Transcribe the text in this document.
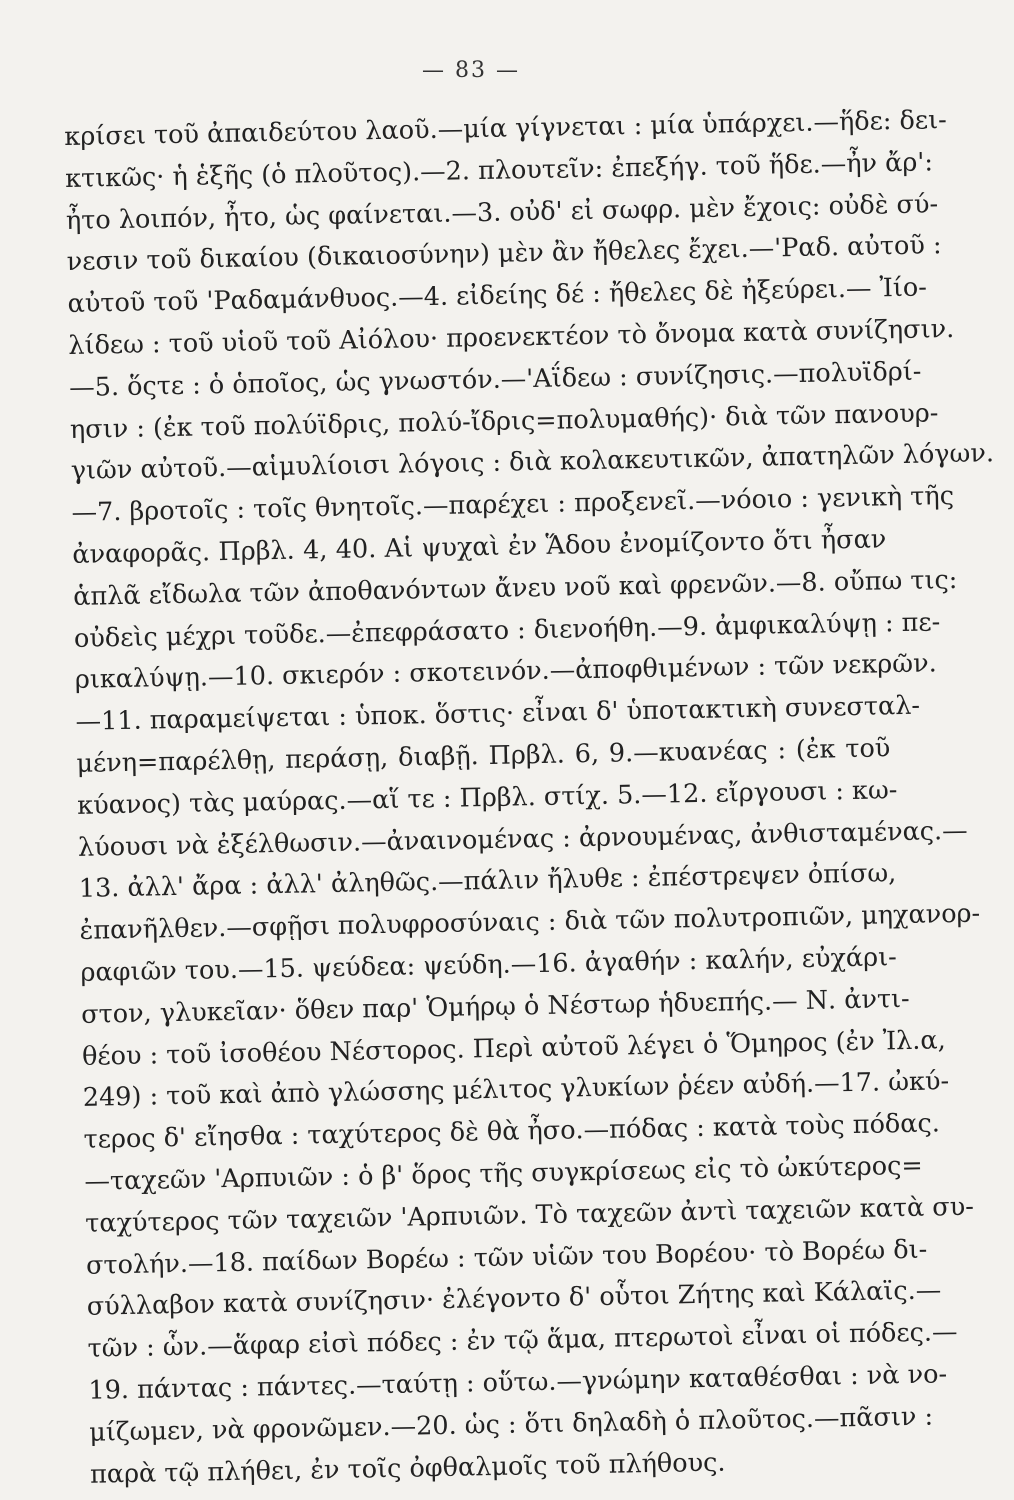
— 83 —
κρίσει τοῦ ἀπαιδεύτου λαοῦ.—μία γίγνεται : μία ὑπάρχει.—ἥδε: δει-
κτικῶς· ἡ ἑξῆς (ὁ πλοῦτος).—2. πλουτεῖν: ἐπεξήγ. τοῦ ἥδε.—ἦν ἄρ':
ἦτο λοιπόν, ἦτο, ὡς φαίνεται.—3. οὐδ' εἰ σωφρ. μὲν ἔχοις: οὐδὲ σύ-
νεσιν τοῦ δικαίου (δικαιοσύνην) μὲν ἂν ἤθελες ἔχει.—'Ραδ. αὐτοῦ :
αὐτοῦ τοῦ 'Ραδαμάνθυος.—4. εἰδείης δέ : ἤθελες δὲ ἠξεύρει.— Ἰίο-
λίδεω : τοῦ υἱοῦ τοῦ Αἰόλου· προενεκτέον τὸ ὄνομα κατὰ συνίζησιν.
—5. ὅςτε : ὁ ὁποῖος, ὡς γνωστόν.—'Αΐδεω : συνίζησις.—πολυϊδρί-
ησιν : (ἐκ τοῦ πολύϊδρις, πολύ-ἴδρις=πολυμαθής)· διὰ τῶν πανουρ-
γιῶν αὐτοῦ.—αἱμυλίοισι λόγοις : διὰ κολακευτικῶν, ἀπατηλῶν λόγων.
—7. βροτοῖς : τοῖς θνητοῖς.—παρέχει : προξενεῖ.—νόοιο : γενικὴ τῆς
ἀναφορᾶς. Πρβλ. 4, 40. Αἱ ψυχαὶ ἐν Ἅδου ἐνομίζοντο ὅτι ἦσαν
ἁπλᾶ εἴδωλα τῶν ἀποθανόντων ἄνευ νοῦ καὶ φρενῶν.—8. οὔπω τις:
οὐδεὶς μέχρι τοῦδε.—ἐπεφράσατο : διενοήθη.—9. ἀμφικαλύψῃ : πε-
ρικαλύψῃ.—10. σκιερόν : σκοτεινόν.—ἀποφθιμένων : τῶν νεκρῶν.
—11. παραμείψεται : ὑποκ. ὅστις· εἶναι δ' ὑποτακτικὴ συνεσταλ-
μένη=παρέλθῃ, περάσῃ, διαβῇ. Πρβλ. 6, 9.—κυανέας : (ἐκ τοῦ
κύανος) τὰς μαύρας.—αἵ τε : Πρβλ. στίχ. 5.—12. εἴργουσι : κω-
λύουσι νὰ ἐξέλθωσιν.—ἀναινομένας : ἀρνουμένας, ἀνθισταμένας.—
13. ἀλλ' ἄρα : ἀλλ' ἀληθῶς.—πάλιν ἤλυθε : ἐπέστρεψεν ὀπίσω,
ἐπανῆλθεν.—σφῇσι πολυφροσύναις : διὰ τῶν πολυτροπιῶν, μηχανορ-
ραφιῶν του.—15. ψεύδεα: ψεύδη.—16. ἀγαθήν : καλήν, εὐχάρι-
στον, γλυκεῖαν· ὅθεν παρ' Ὁμήρῳ ὁ Νέστωρ ἡδυεπής.— Ν. ἀντι-
θέου : τοῦ ἰσοθέου Νέστορος. Περὶ αὐτοῦ λέγει ὁ Ὅμηρος (ἐν Ἰλ.α,
249) : τοῦ καὶ ἀπὸ γλώσσης μέλιτος γλυκίων ῥέεν αὐδή.—17. ὠκύ-
τερος δ' εἴησθα : ταχύτερος δὲ θὰ ἦσο.—πόδας : κατὰ τοὺς πόδας.
—ταχεῶν 'Αρπυιῶν : ὁ β' ὅρος τῆς συγκρίσεως εἰς τὸ ὠκύτερος=
ταχύτερος τῶν ταχειῶν 'Αρπυιῶν. Τὸ ταχεῶν ἀντὶ ταχειῶν κατὰ συ-
στολήν.—18. παίδων Βορέω : τῶν υἱῶν του Βορέου· τὸ Βορέω δι-
σύλλαβον κατὰ συνίζησιν· ἐλέγοντο δ' οὗτοι Ζήτης καὶ Κάλαϊς.—
τῶν : ὧν.—ἅφαρ εἰσὶ πόδες : ἐν τῷ ἅμα, πτερωτοὶ εἶναι οἱ πόδες.—
19. πάντας : πάντες.—ταύτῃ : οὕτω.—γνώμην καταθέσθαι : νὰ νο-
μίζωμεν, νὰ φρονῶμεν.—20. ὡς : ὅτι δηλαδὴ ὁ πλοῦτος.—πᾶσιν :
παρὰ τῷ πλήθει, ἐν τοῖς ὀφθαλμοῖς τοῦ πλήθους.
